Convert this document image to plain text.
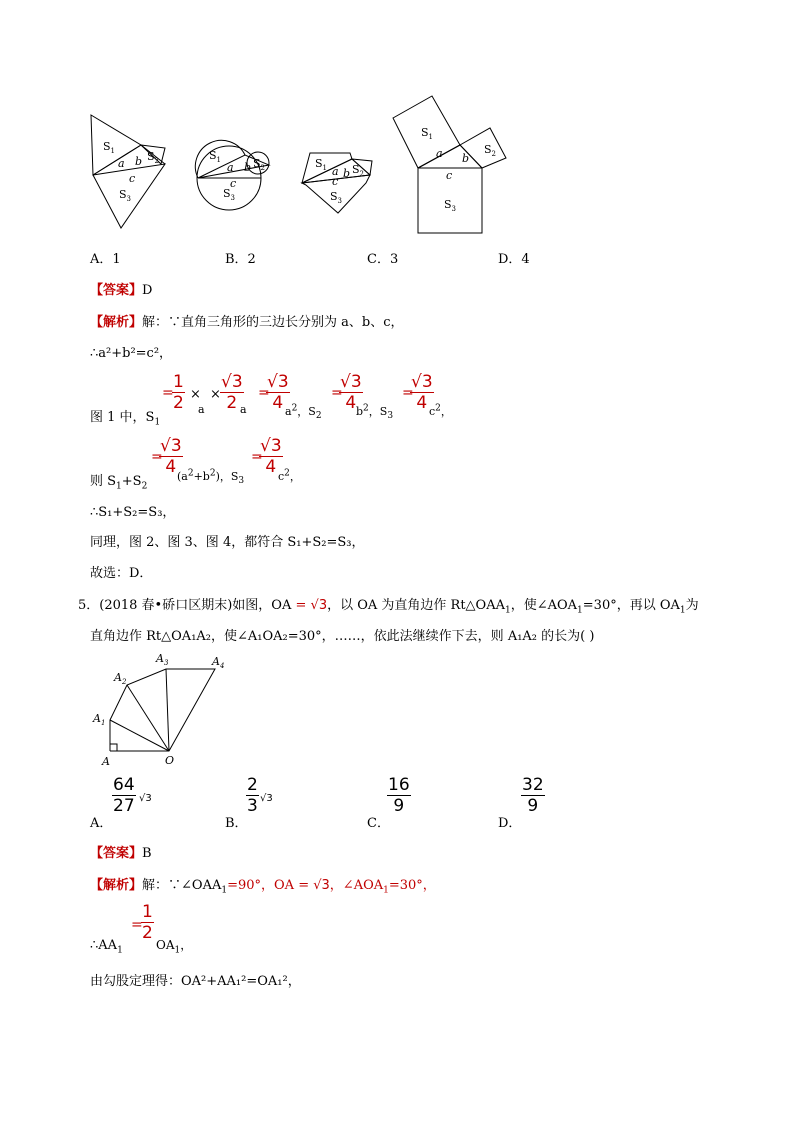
$S_1$	$S_2$
$S_3$
a b
c
$S_1$	$S_2$
$S_3$
a b
c
$S_1$ $S_2$
$S_3$
a b
c
$S_1$
$S_2$
$S_3$
a b
c
A．1	B．2	C．3	D．4
【答案】D
【解析】解：∵直角三角形的三边长分别为 a、b、c，
∴a²+b²=c²，
图 1 中，$S_1$
=
$\frac{1}{2}$ ×
a
× $\frac{√3}{2}$
a
=
$\frac{√3}{4}$
$a^2$，$S_2$
=
$\frac{√3}{4}$
$b^2$，$S_3$
=
$\frac{√3}{4}$
$c^2$，
则 $S_1+S_2$
=
$\frac{√3}{4}$
$(a^2+b^2)$，$S_3$
=
$\frac{√3}{4}$
$c^2$，
∴S₁+S₂=S₃，
同理，图 2、图 3、图 4，都符合 S₁+S₂=S₃，
故选：D．
5．(2018 春•硚口区期末)如图，OA = √3，以 OA 为直角边作 $Rt\triangle OAA_1$，使$\angle AOA_1=30^\circ$，再以 $OA_1$为
直角边作 Rt△OA₁A₂，使∠A₁OA₂=30°，……，依此法继续作下去，则 A₁A₂ 的长为( )
A
$A_1$
$A_2$
$A_3$	$A_4$
O
A．
$\frac{64}{27} √3$
B．
$\frac{2}{3} √3$
C．
$\frac{16}{9}$
D．
$\frac{32}{9}$
【答案】B
【解析】解：$\because\angle OAA_1=90^\circ$，OA = √3，$\angle AOA_1=30^\circ$，
$\therefore AA_1$
=
$\frac{1}{2}$
$OA_1$，
由勾股定理得：OA²+AA₁²=OA₁²，
